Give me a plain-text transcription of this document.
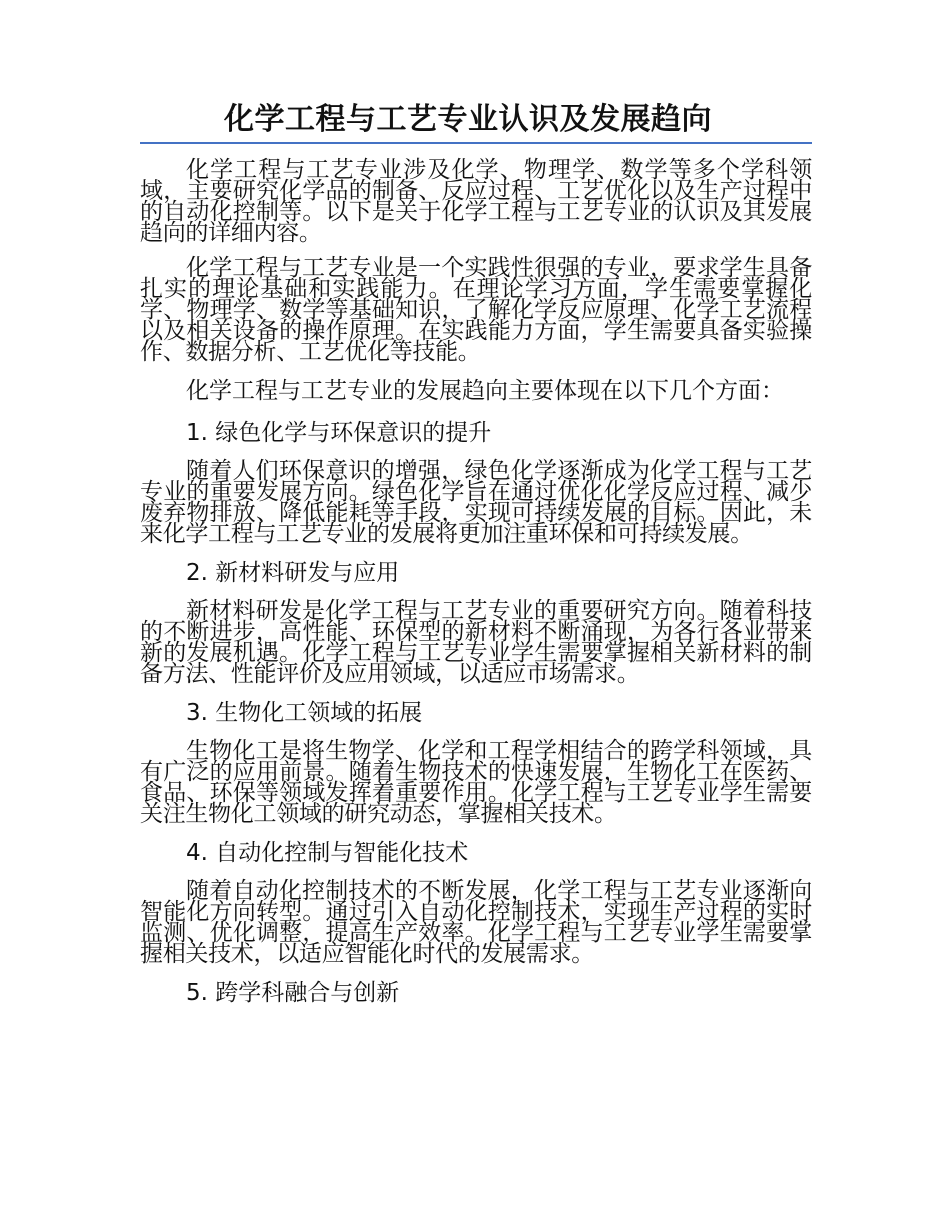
化学工程与工艺专业认识及发展趋向

化学工程与工艺专业涉及化学、物理学、数学等多个学科领域，主要研究化学品的制备、反应过程、工艺优化以及生产过程中的自动化控制等。以下是关于化学工程与工艺专业的认识及其发展趋向的详细内容。

化学工程与工艺专业是一个实践性很强的专业，要求学生具备扎实的理论基础和实践能力。在理论学习方面，学生需要掌握化学、物理学、数学等基础知识，了解化学反应原理、化学工艺流程以及相关设备的操作原理。在实践能力方面，学生需要具备实验操作、数据分析、工艺优化等技能。

化学工程与工艺专业的发展趋向主要体现在以下几个方面：

1. 绿色化学与环保意识的提升

随着人们环保意识的增强，绿色化学逐渐成为化学工程与工艺专业的重要发展方向。绿色化学旨在通过优化化学反应过程、减少废弃物排放、降低能耗等手段，实现可持续发展的目标。因此，未来化学工程与工艺专业的发展将更加注重环保和可持续发展。

2. 新材料研发与应用

新材料研发是化学工程与工艺专业的重要研究方向。随着科技的不断进步，高性能、环保型的新材料不断涌现，为各行各业带来新的发展机遇。化学工程与工艺专业学生需要掌握相关新材料的制备方法、性能评价及应用领域，以适应市场需求。

3. 生物化工领域的拓展

生物化工是将生物学、化学和工程学相结合的跨学科领域，具有广泛的应用前景。随着生物技术的快速发展，生物化工在医药、食品、环保等领域发挥着重要作用。化学工程与工艺专业学生需要关注生物化工领域的研究动态，掌握相关技术。

4. 自动化控制与智能化技术

随着自动化控制技术的不断发展，化学工程与工艺专业逐渐向智能化方向转型。通过引入自动化控制技术，实现生产过程的实时监测、优化调整，提高生产效率。化学工程与工艺专业学生需要掌握相关技术，以适应智能化时代的发展需求。

5. 跨学科融合与创新
